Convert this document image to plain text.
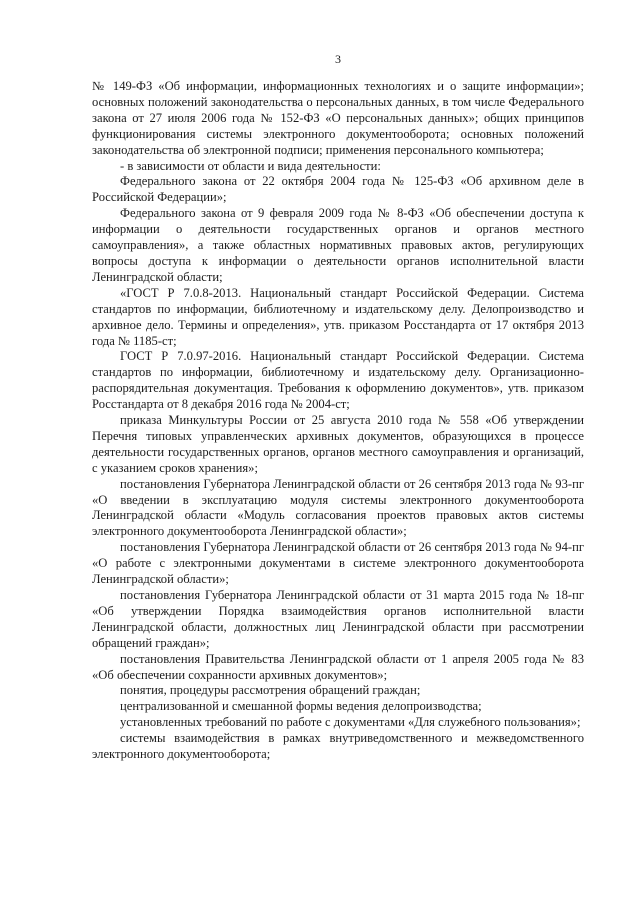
3

№ 149-ФЗ «Об информации, информационных технологиях и о защите информации»; основных положений законодательства о персональных данных, в том числе Федерального закона от 27 июля 2006 года № 152-ФЗ «О персональных данных»; общих принципов функционирования системы электронного документооборота; основных положений законодательства об электронной подписи; применения персонального компьютера;

- в зависимости от области и вида деятельности:

Федерального закона от 22 октября 2004 года № 125-ФЗ «Об архивном деле в Российской Федерации»;

Федерального закона от 9 февраля 2009 года № 8-ФЗ «Об обеспечении доступа к информации о деятельности государственных органов и органов местного самоуправления», а также областных нормативных правовых актов, регулирующих вопросы доступа к информации о деятельности органов исполнительной власти Ленинградской области;

«ГОСТ Р 7.0.8-2013. Национальный стандарт Российской Федерации. Система стандартов по информации, библиотечному и издательскому делу. Делопроизводство и архивное дело. Термины и определения», утв. приказом Росстандарта от 17 октября 2013 года № 1185-ст;

ГОСТ Р 7.0.97-2016. Национальный стандарт Российской Федерации. Система стандартов по информации, библиотечному и издательскому делу. Организационно-распорядительная документация. Требования к оформлению документов», утв. приказом Росстандарта от 8 декабря 2016 года № 2004-ст;

приказа Минкультуры России от 25 августа 2010 года № 558 «Об утверждении Перечня типовых управленческих архивных документов, образующихся в процессе деятельности государственных органов, органов местного самоуправления и организаций, с указанием сроков хранения»;

постановления Губернатора Ленинградской области от 26 сентября 2013 года № 93-пг «О введении в эксплуатацию модуля системы электронного документооборота Ленинградской области «Модуль согласования проектов правовых актов системы электронного документооборота Ленинградской области»;

постановления Губернатора Ленинградской области от 26 сентября 2013 года № 94-пг «О работе с электронными документами в системе электронного документооборота Ленинградской области»;

постановления Губернатора Ленинградской области от 31 марта 2015 года № 18-пг «Об утверждении Порядка взаимодействия органов исполнительной власти Ленинградской области, должностных лиц Ленинградской области при рассмотрении обращений граждан»;

постановления Правительства Ленинградской области от 1 апреля 2005 года № 83 «Об обеспечении сохранности архивных документов»;

понятия, процедуры рассмотрения обращений граждан;

централизованной и смешанной формы ведения делопроизводства;

установленных требований по работе с документами «Для служебного пользования»;

системы взаимодействия в рамках внутриведомственного и межведомственного электронного документооборота;
